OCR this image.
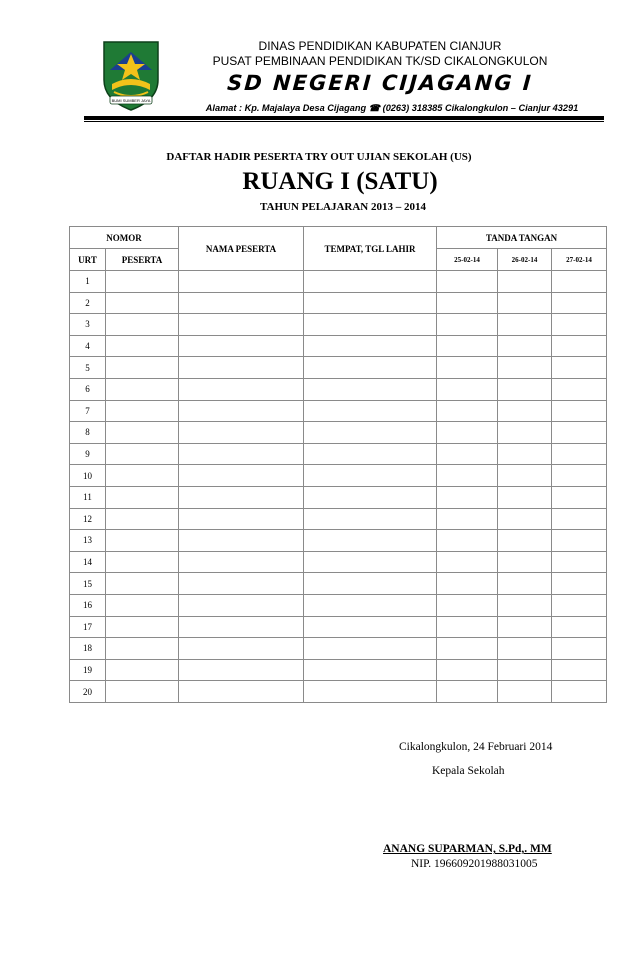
BUMI SUMBER JAYA
DINAS PENDIDIKAN KABUPATEN CIANJUR
PUSAT PEMBINAAN PENDIDIKAN TK/SD CIKALONGKULON
SD NEGERI CIJAGANG I
Alamat : Kp. Majalaya Desa Cijagang ☎ (0263) 318385 Cikalongkulon – Cianjur 43291
DAFTAR HADIR PESERTA TRY OUT UJIAN SEKOLAH (US)
RUANG I (SATU)
TAHUN PELAJARAN 2013 – 2014
NOMOR		NAMA PESERTA	TEMPAT, TGL LAHIR	TANDA TANGAN		
URT	PESERTA			25-02-14	26-02-14	27-02-14
1						
2						
3						
4						
5						
6						
7						
8						
9						
10						
11						
12						
13						
14						
15						
16						
17						
18						
19						
20						
Cikalongkulon, 24 Februari 2014
Kepala Sekolah
ANANG SUPARMAN, S.Pd,. MM
NIP. 196609201988031005
